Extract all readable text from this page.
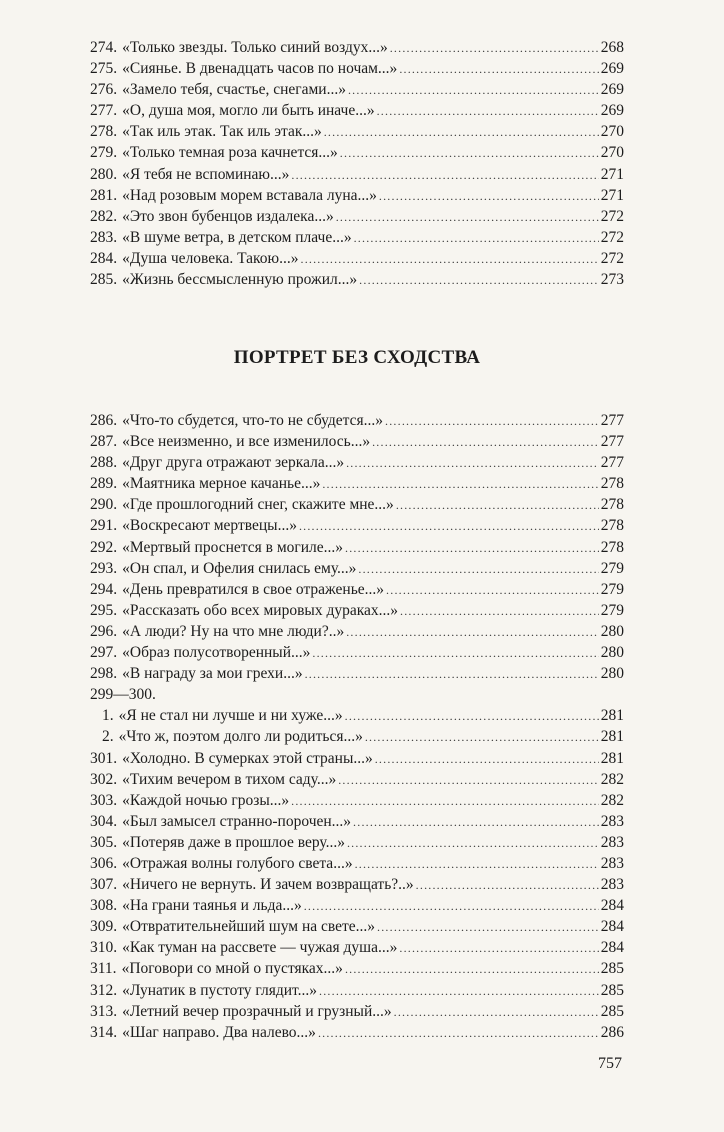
274. «Только звезды. Только синий воздух...» .....	268
275. «Сиянье. В двенадцать часов по ночам...» .....	269
276. «Замело тебя, счастье, снегами...» .....	269
277. «О, душа моя, могло ли быть иначе...» .....	269
278. «Так иль этак. Так иль этак...» .....	270
279. «Только темная роза качнется...» .....	270
280. «Я тебя не вспоминаю...» .....	271
281. «Над розовым морем вставала луна...» .....	271
282. «Это звон бубенцов издалека...» .....	272
283. «В шуме ветра, в детском плаче...» .....	272
284. «Душа человека. Такою...» .....	272
285. «Жизнь бессмысленную прожил...» .....	273
ПОРТРЕТ БЕЗ СХОДСТВА
286. «Что-то сбудется, что-то не сбудется...» .....	277
287. «Все неизменно, и все изменилось...» .....	277
288. «Друг друга отражают зеркала...» .....	277
289. «Маятника мерное качанье...» .....	278
290. «Где прошлогодний снег, скажите мне...» .....	278
291. «Воскресают мертвецы...» .....	278
292. «Мертвый проснется в могиле...» .....	278
293. «Он спал, и Офелия снилась ему...» .....	279
294. «День превратился в свое отраженье...» .....	279
295. «Рассказать обо всех мировых дураках...» .....	279
296. «А люди? Ну на что мне люди?..» .....	280
297. «Образ полусотворенный...» .....	280
298. «В награду за мои грехи...» .....	280
299—300.
1. «Я не стал ни лучше и ни хуже...» .....	281
2. «Что ж, поэтом долго ли родиться...» .....	281
301. «Холодно. В сумерках этой страны...» .....	281
302. «Тихим вечером в тихом саду...» .....	282
303. «Каждой ночью грозы...» .....	282
304. «Был замысел странно-порочен...» .....	283
305. «Потеряв даже в прошлое веру...» .....	283
306. «Отражая волны голубого света...» .....	283
307. «Ничего не вернуть. И зачем возвращать?..» .....	283
308. «На грани таянья и льда...» .....	284
309. «Отвратительнейший шум на свете...» .....	284
310. «Как туман на рассвете — чужая душа...» .....	284
311. «Поговори со мной о пустяках...» .....	285
312. «Лунатик в пустоту глядит...» .....	285
313. «Летний вечер прозрачный и грузный...» .....	285
314. «Шаг направо. Два налево...» .....	286
757
